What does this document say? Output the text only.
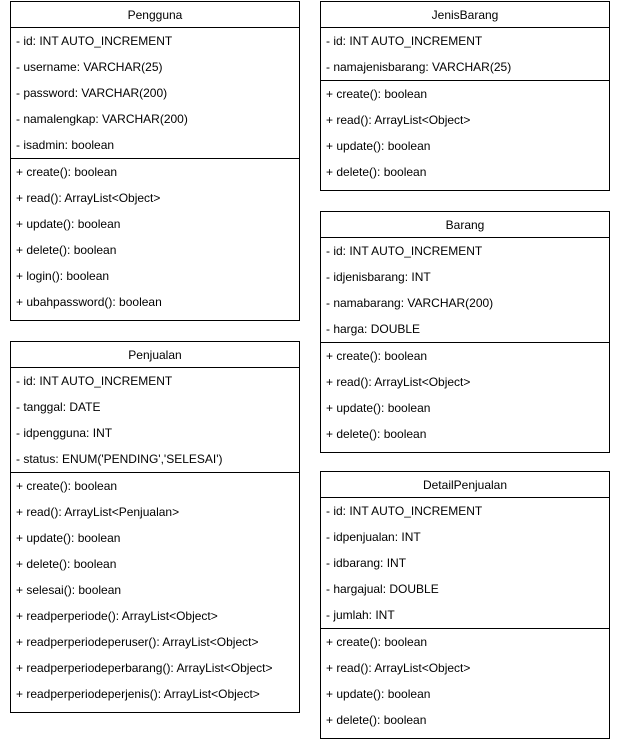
Pengguna
- id: INT AUTO_INCREMENT
- username: VARCHAR(25)
- password: VARCHAR(200)
- namalengkap: VARCHAR(200)
- isadmin: boolean
+ create(): boolean
+ read(): ArrayList<Object>
+ update(): boolean
+ delete(): boolean
+ login(): boolean
+ ubahpassword(): boolean
JenisBarang
- id: INT AUTO_INCREMENT
- namajenisbarang: VARCHAR(25)
+ create(): boolean
+ read(): ArrayList<Object>
+ update(): boolean
+ delete(): boolean
Barang
- id: INT AUTO_INCREMENT
- idjenisbarang: INT
- namabarang: VARCHAR(200)
- harga: DOUBLE
+ create(): boolean
+ read(): ArrayList<Object>
+ update(): boolean
+ delete(): boolean
Penjualan
- id: INT AUTO_INCREMENT
- tanggal: DATE
- idpengguna: INT
- status: ENUM('PENDING','SELESAI')
+ create(): boolean
+ read(): ArrayList<Penjualan>
+ update(): boolean
+ delete(): boolean
+ selesai(): boolean
+ readperperiode(): ArrayList<Object>
+ readperperiodeperuser(): ArrayList<Object>
+ readperperiodeperbarang(): ArrayList<Object>
+ readperperiodeperjenis(): ArrayList<Object>
DetailPenjualan
- id: INT AUTO_INCREMENT
- idpenjualan: INT
- idbarang: INT
- hargajual: DOUBLE
- jumlah: INT
+ create(): boolean
+ read(): ArrayList<Object>
+ update(): boolean
+ delete(): boolean
